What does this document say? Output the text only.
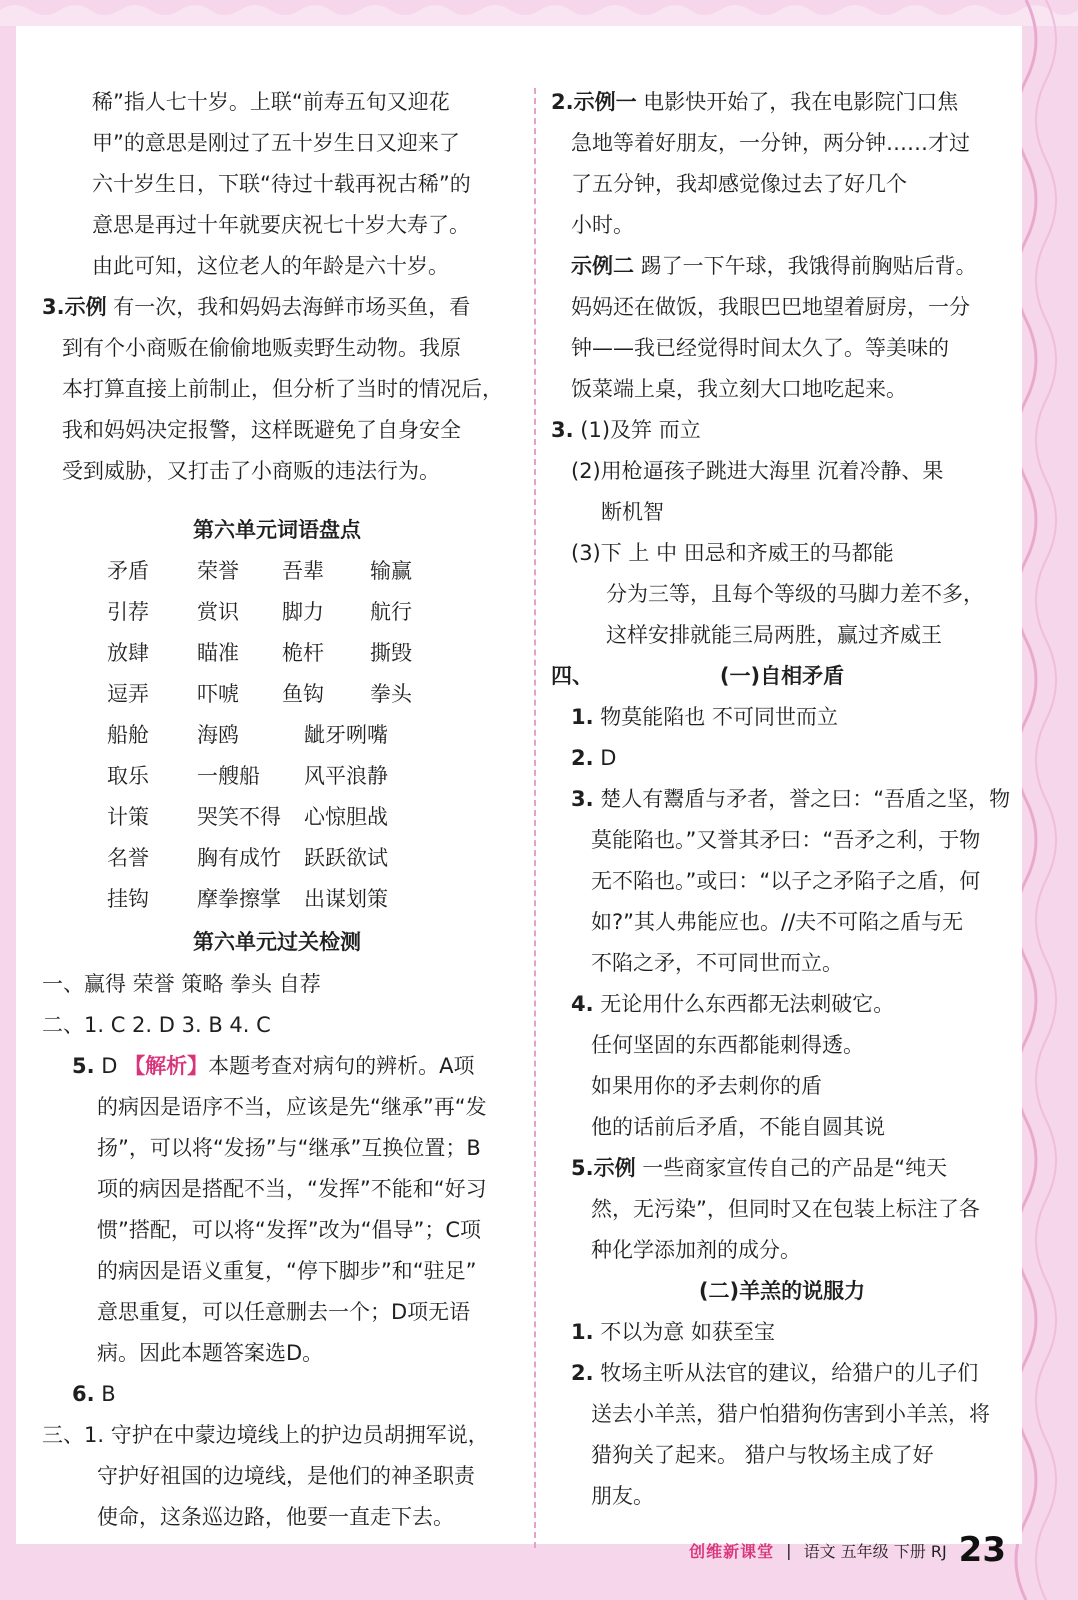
稀”指人七十岁。上联“前寿五旬又迎花
甲”的意思是刚过了五十岁生日又迎来了
六十岁生日，下联“待过十载再祝古稀”的
意思是再过十年就要庆祝七十岁大寿了。
由此可知，这位老人的年龄是六十岁。
3.示例 有一次，我和妈妈去海鲜市场买鱼，看
到有个小商贩在偷偷地贩卖野生动物。我原
本打算直接上前制止，但分析了当时的情况后，
我和妈妈决定报警，这样既避免了自身安全
受到威胁，又打击了小商贩的违法行为。
第六单元词语盘点
矛盾 荣誉 吾辈 输赢
引荐 赏识 脚力 航行
放肆 瞄准 桅杆 撕毁
逗弄 吓唬 鱼钩 拳头
船舱 海鸥	龇牙咧嘴
取乐 一艘船 风平浪静
计策 哭笑不得 心惊胆战
名誉 胸有成竹 跃跃欲试
挂钩 摩拳擦掌 出谋划策
第六单元过关检测
一、赢得 荣誉 策略 拳头 自荐
二、1. C 2. D 3. B 4. C
5. D 【解析】本题考查对病句的辨析。A项
的病因是语序不当，应该是先“继承”再“发
扬”，可以将“发扬”与“继承”互换位置；B
项的病因是搭配不当，“发挥”不能和“好习
惯”搭配，可以将“发挥”改为“倡导”；C项
的病因是语义重复，“停下脚步”和“驻足”
意思重复，可以任意删去一个；D项无语
病。因此本题答案选D。
6. B
三、1. 守护在中蒙边境线上的护边员胡拥军说，
守护好祖国的边境线，是他们的神圣职责
使命，这条巡边路，他要一直走下去。
2.示例一 电影快开始了，我在电影院门口焦
急地等着好朋友，一分钟，两分钟……才过
了五分钟，我却感觉像过去了好几个
小时。
示例二 踢了一下午球，我饿得前胸贴后背。
妈妈还在做饭，我眼巴巴地望着厨房，一分
钟——我已经觉得时间太久了。等美味的
饭菜端上桌，我立刻大口地吃起来。
3. (1)及笄 而立
(2)用枪逼孩子跳进大海里 沉着冷静、果
断机智
(3)下 上 中 田忌和齐威王的马都能
分为三等，且每个等级的马脚力差不多，
这样安排就能三局两胜，赢过齐威王
四、	(一)自相矛盾
1. 物莫能陷也 不可同世而立
2. D
3. 楚人有鬻盾与矛者，誉之曰：“吾盾之坚，物
莫能陷也。”又誉其矛曰：“吾矛之利，于物
无不陷也。”或曰：“以子之矛陷子之盾，何
如?”其人弗能应也。//夫不可陷之盾与无
不陷之矛，不可同世而立。
4. 无论用什么东西都无法刺破它。
任何坚固的东西都能刺得透。
如果用你的矛去刺你的盾
他的话前后矛盾，不能自圆其说
5.示例 一些商家宣传自己的产品是“纯天
然，无污染”，但同时又在包装上标注了各
种化学添加剂的成分。
(二)羊羔的说服力
1. 不以为意 如获至宝
2. 牧场主听从法官的建议，给猎户的儿子们
送去小羊羔，猎户怕猎狗伤害到小羊羔，将
猎狗关了起来。 猎户与牧场主成了好
朋友。
创维新课堂 | 语文 五年级 下册 RJ 23
